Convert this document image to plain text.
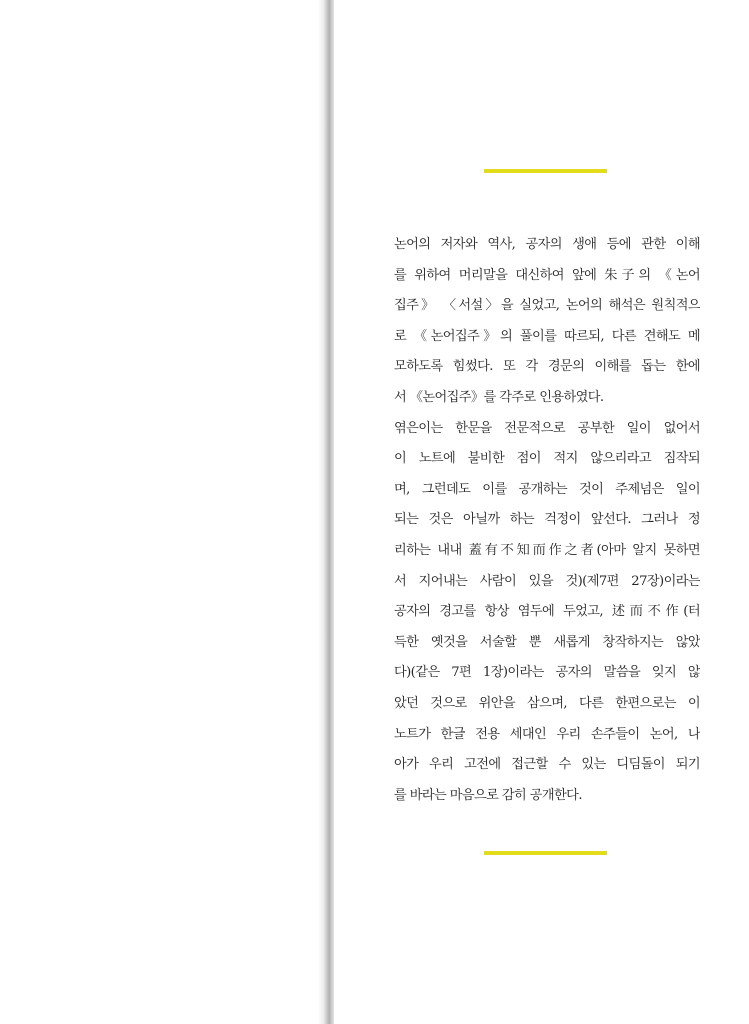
논어의 저자와 역사, 공자의 생애 등에 관한 이해
를 위하여 머리말을 대신하여 앞에 朱子의 《논어
집주》 〈서설〉을 실었고, 논어의 해석은 원칙적으
로 《논어집주》의 풀이를 따르되, 다른 견해도 메
모하도록 힘썼다. 또 각 경문의 이해를 돕는 한에
서 《논어집주》를 각주로 인용하였다.
엮은이는 한문을 전문적으로 공부한 일이 없어서
이 노트에 불비한 점이 적지 않으리라고 짐작되
며, 그런데도 이를 공개하는 것이 주제넘은 일이
되는 것은 아닐까 하는 걱정이 앞선다. 그러나 정
리하는 내내 蓋有不知而作之者(아마 알지 못하면
서 지어내는 사람이 있을 것)(제7편 27장)이라는
공자의 경고를 항상 염두에 두었고, 述而不作(터
득한 옛것을 서술할 뿐 새롭게 창작하지는 않았
다)(같은 7편 1장)이라는 공자의 말씀을 잊지 않
았던 것으로 위안을 삼으며, 다른 한편으로는 이
노트가 한글 전용 세대인 우리 손주들이 논어, 나
아가 우리 고전에 접근할 수 있는 디딤돌이 되기
를 바라는 마음으로 감히 공개한다.
